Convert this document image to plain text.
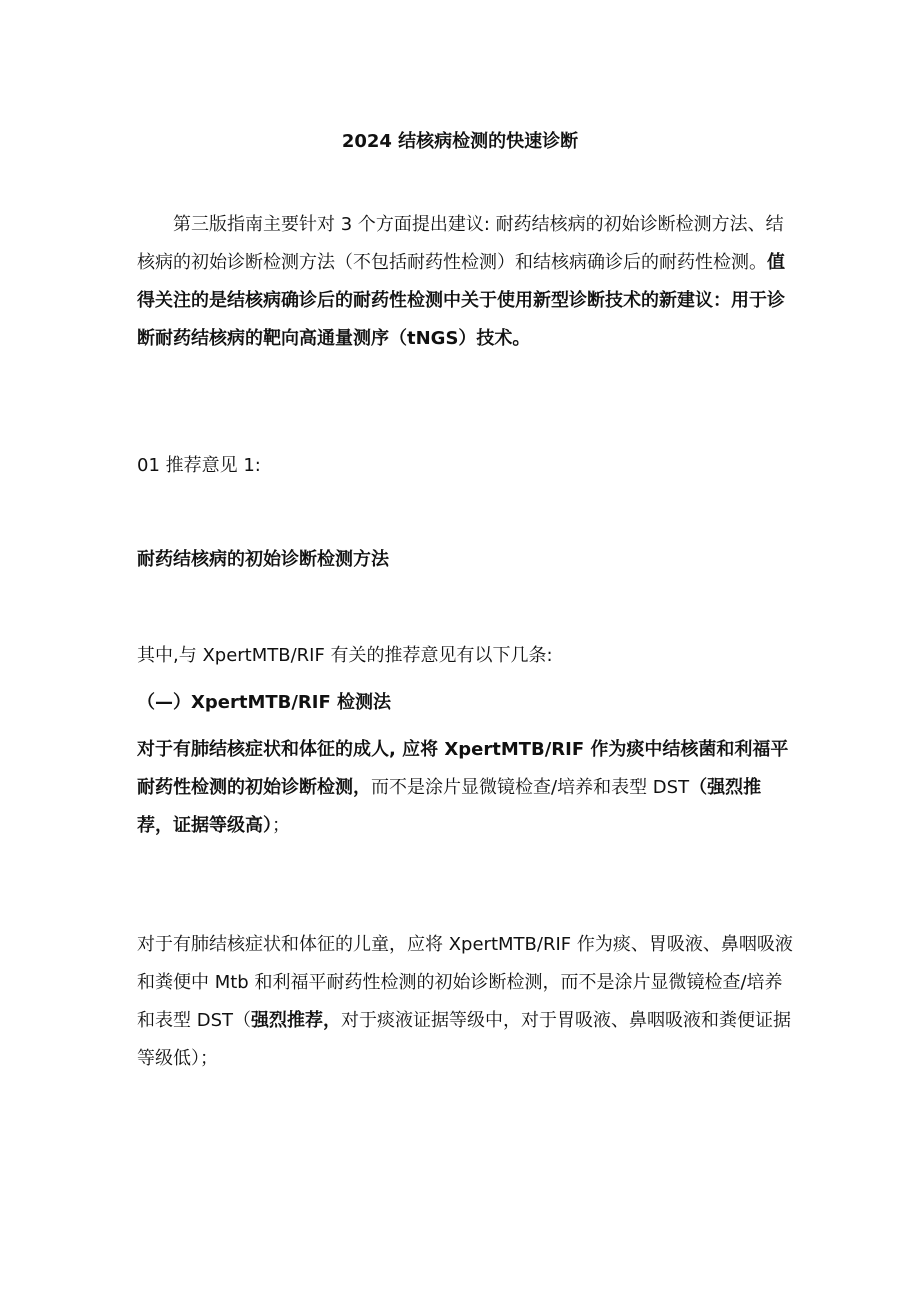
2024 结核病检测的快速诊断

第三版指南主要针对 3 个方面提出建议: 耐药结核病的初始诊断检测方法、结核病的初始诊断检测方法（不包括耐药性检测）和结核病确诊后的耐药性检测。值得关注的是结核病确诊后的耐药性检测中关于使用新型诊断技术的新建议：用于诊断耐药结核病的靶向高通量测序（tNGS）技术。

01 推荐意见 1:

耐药结核病的初始诊断检测方法

其中,与 XpertMTB/RIF 有关的推荐意见有以下几条:

（—）XpertMTB/RIF 检测法

对于有肺结核症状和体征的成人, 应将 XpertMTB/RIF 作为痰中结核菌和利福平耐药性检测的初始诊断检测，而不是涂片显微镜检查/培养和表型 DST（强烈推荐，证据等级高）；

对于有肺结核症状和体征的儿童，应将 XpertMTB/RIF 作为痰、胃吸液、鼻咽吸液和粪便中 Mtb 和利福平耐药性检测的初始诊断检测，而不是涂片显微镜检查/培养和表型 DST（强烈推荐，对于痰液证据等级中，对于胃吸液、鼻咽吸液和粪便证据等级低）；
